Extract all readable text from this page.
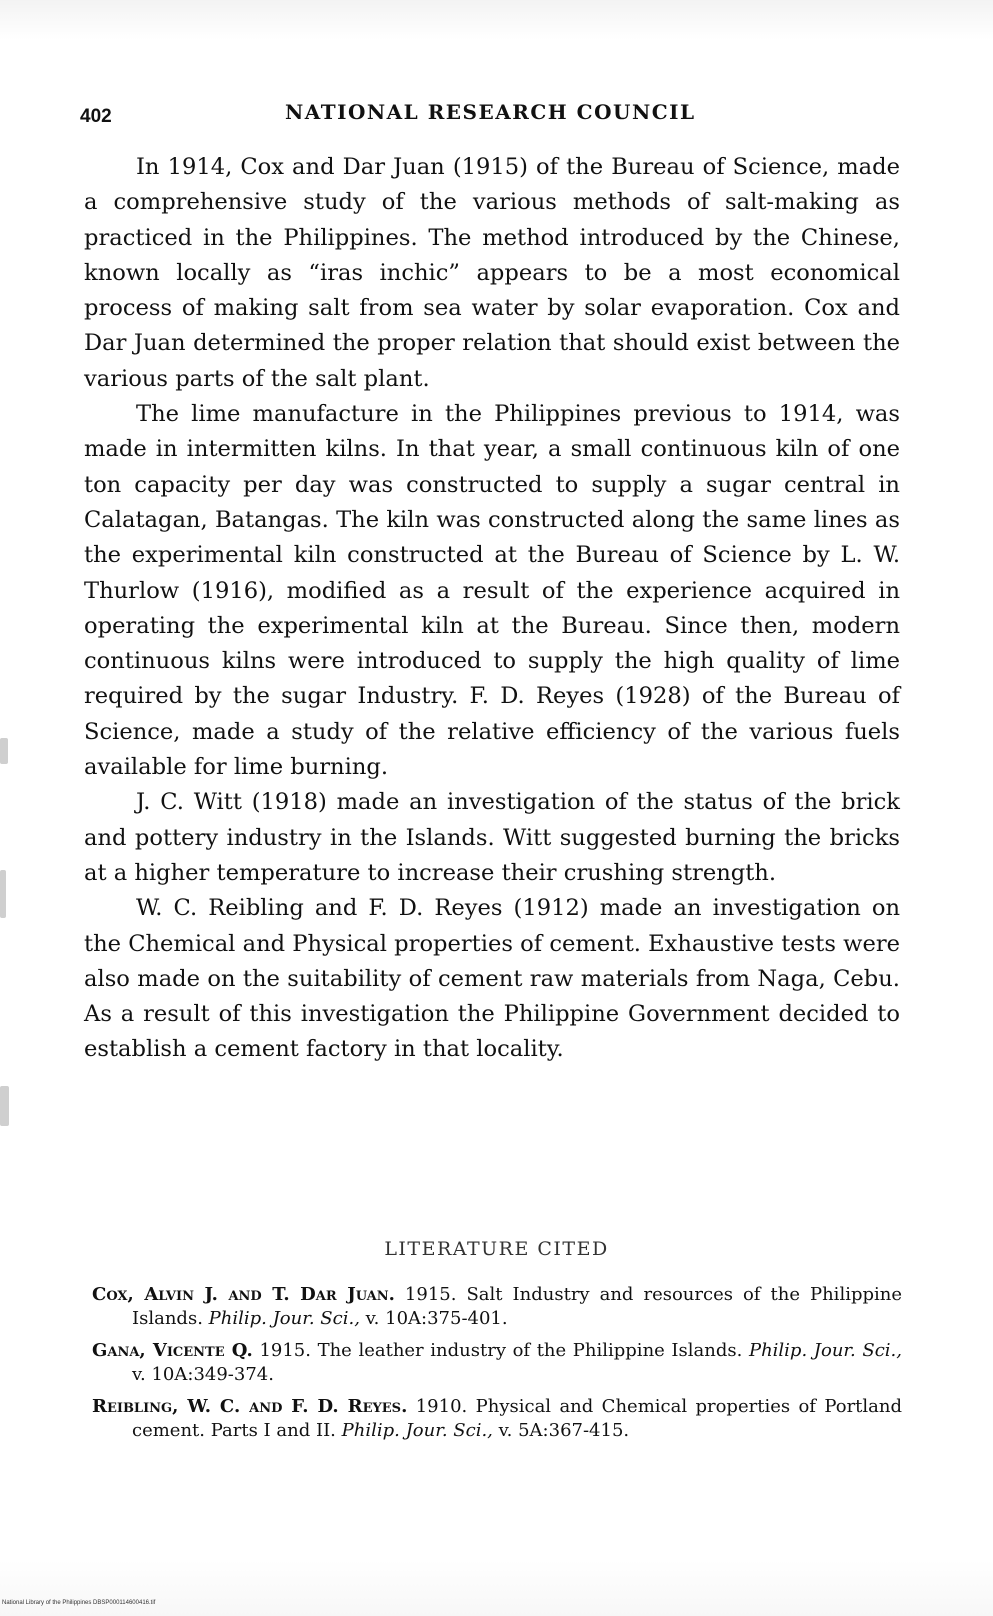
402	NATIONAL RESEARCH COUNCIL

In 1914, Cox and Dar Juan (1915) of the Bureau of Science, made a comprehensive study of the various methods of salt-making as practiced in the Philippines. The method introduced by the Chinese, known locally as “iras inchic” appears to be a most economical process of making salt from sea water by solar evaporation. Cox and Dar Juan determined the proper relation that should exist between the various parts of the salt plant.

The lime manufacture in the Philippines previous to 1914, was made in intermitten kilns. In that year, a small continuous kiln of one ton capacity per day was constructed to supply a sugar central in Calatagan, Batangas. The kiln was constructed along the same lines as the experimental kiln constructed at the Bureau of Science by L. W. Thurlow (1916), modified as a result of the experience acquired in operating the experimental kiln at the Bureau. Since then, modern continuous kilns were introduced to supply the high quality of lime required by the sugar Industry. F. D. Reyes (1928) of the Bureau of Science, made a study of the relative efficiency of the various fuels available for lime burning.

J. C. Witt (1918) made an investigation of the status of the brick and pottery industry in the Islands. Witt suggested burning the bricks at a higher temperature to increase their crushing strength.

W. C. Reibling and F. D. Reyes (1912) made an investigation on the Chemical and Physical properties of cement. Exhaustive tests were also made on the suitability of cement raw materials from Naga, Cebu. As a result of this investigation the Philippine Government decided to establish a cement factory in that locality.

LITERATURE CITED

Cox, Alvin J. and T. Dar Juan. 1915. Salt Industry and resources of the Philippine Islands. Philip. Jour. Sci., v. 10A:375-401.

Gana, Vicente Q. 1915. The leather industry of the Philippine Islands. Philip. Jour. Sci., v. 10A:349-374.

Reibling, W. C. and F. D. Reyes. 1910. Physical and Chemical properties of Portland cement. Parts I and II. Philip. Jour. Sci., v. 5A:367-415.

National Library of the Philippines DBSP000114600416.tif
